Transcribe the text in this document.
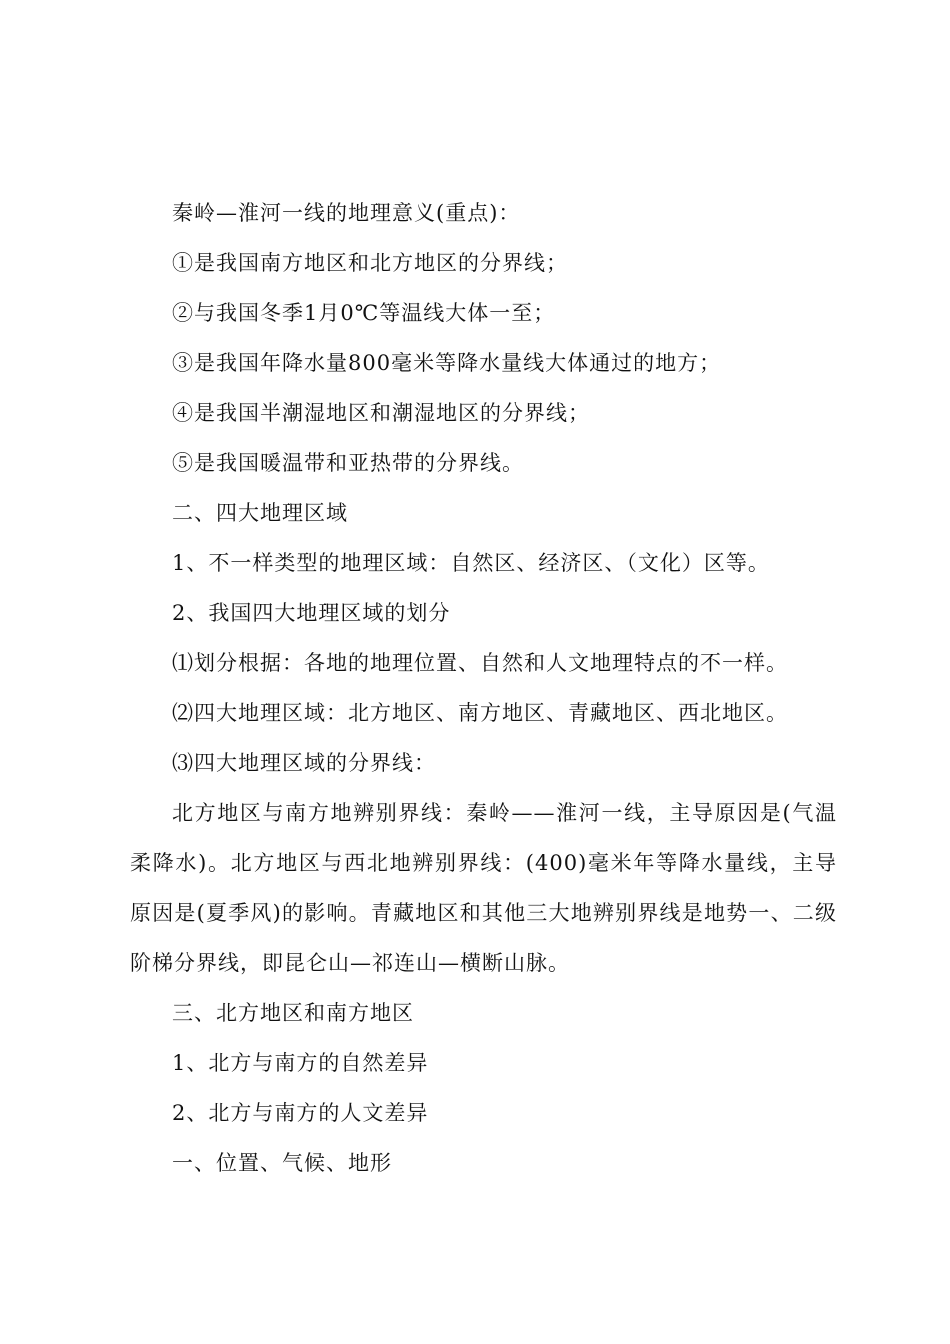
秦岭—淮河一线的地理意义(重点)：
①是我国南方地区和北方地区的分界线；
②与我国冬季1月0℃等温线大体一至；
③是我国年降水量800毫米等降水量线大体通过的地方；
④是我国半潮湿地区和潮湿地区的分界线；
⑤是我国暖温带和亚热带的分界线。
二、四大地理区域
1、不一样类型的地理区域：自然区、经济区、（文化）区等。
2、我国四大地理区域的划分
⑴划分根据：各地的地理位置、自然和人文地理特点的不一样。
⑵四大地理区域：北方地区、南方地区、青藏地区、西北地区。
⑶四大地理区域的分界线：
北方地区与南方地辨别界线：秦岭——淮河一线，主导原因是(气温柔降水)。北方地区与西北地辨别界线：(400)毫米年等降水量线，主导原因是(夏季风)的影响。青藏地区和其他三大地辨别界线是地势一、二级阶梯分界线，即昆仑山—祁连山—横断山脉。
三、北方地区和南方地区
1、北方与南方的自然差异
2、北方与南方的人文差异
一、位置、气候、地形
